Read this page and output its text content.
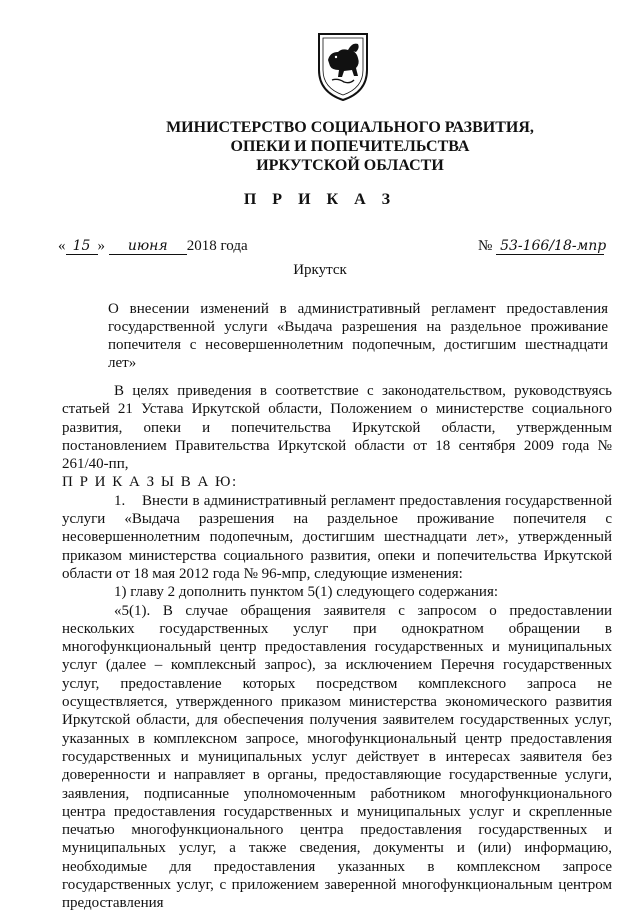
МИНИСТЕРСТВО СОЦИАЛЬНОГО РАЗВИТИЯ,
ОПЕКИ И ПОПЕЧИТЕЛЬСТВА
ИРКУТСКОЙ ОБЛАСТИ
П Р И К А З
« 15 » июня 2018 года	№ 53-166/18-мпр
Иркутск
О внесении изменений в административный регламент предоставления государственной услуги «Выдача разрешения на раздельное проживание попечителя с несовершеннолетним подопечным, достигшим шестнадцати лет»

В целях приведения в соответствие с законодательством, руководствуясь статьей 21 Устава Иркутской области, Положением о министерстве социального развития, опеки и попечительства Иркутской области, утвержденным постановлением Правительства Иркутской области от 18 сентября 2009 года № 261/40-пп,

П Р И К А З Ы В А Ю:

1. Внести в административный регламент предоставления государственной услуги «Выдача разрешения на раздельное проживание попечителя с несовершеннолетним подопечным, достигшим шестнадцати лет», утвержденный приказом министерства социального развития, опеки и попечительства Иркутской области от 18 мая 2012 года № 96-мпр, следующие изменения:

1) главу 2 дополнить пунктом 5(1) следующего содержания:

«5(1). В случае обращения заявителя с запросом о предоставлении нескольких государственных услуг при однократном обращении в многофункциональный центр предоставления государственных и муниципальных услуг (далее – комплексный запрос), за исключением Перечня государственных услуг, предоставление которых посредством комплексного запроса не осуществляется, утвержденного приказом министерства экономического развития Иркутской области, для обеспечения получения заявителем государственных услуг, указанных в комплексном запросе, многофункциональный центр предоставления государственных и муниципальных услуг действует в интересах заявителя без доверенности и направляет в органы, предоставляющие государственные услуги, заявления, подписанные уполномоченным работником многофункционального центра предоставления государственных и муниципальных услуг и скрепленные печатью многофункционального центра предоставления государственных и муниципальных услуг, а также сведения, документы и (или) информацию, необходимые для предоставления указанных в комплексном запросе государственных услуг, с приложением заверенной многофункциональным центром предоставления
